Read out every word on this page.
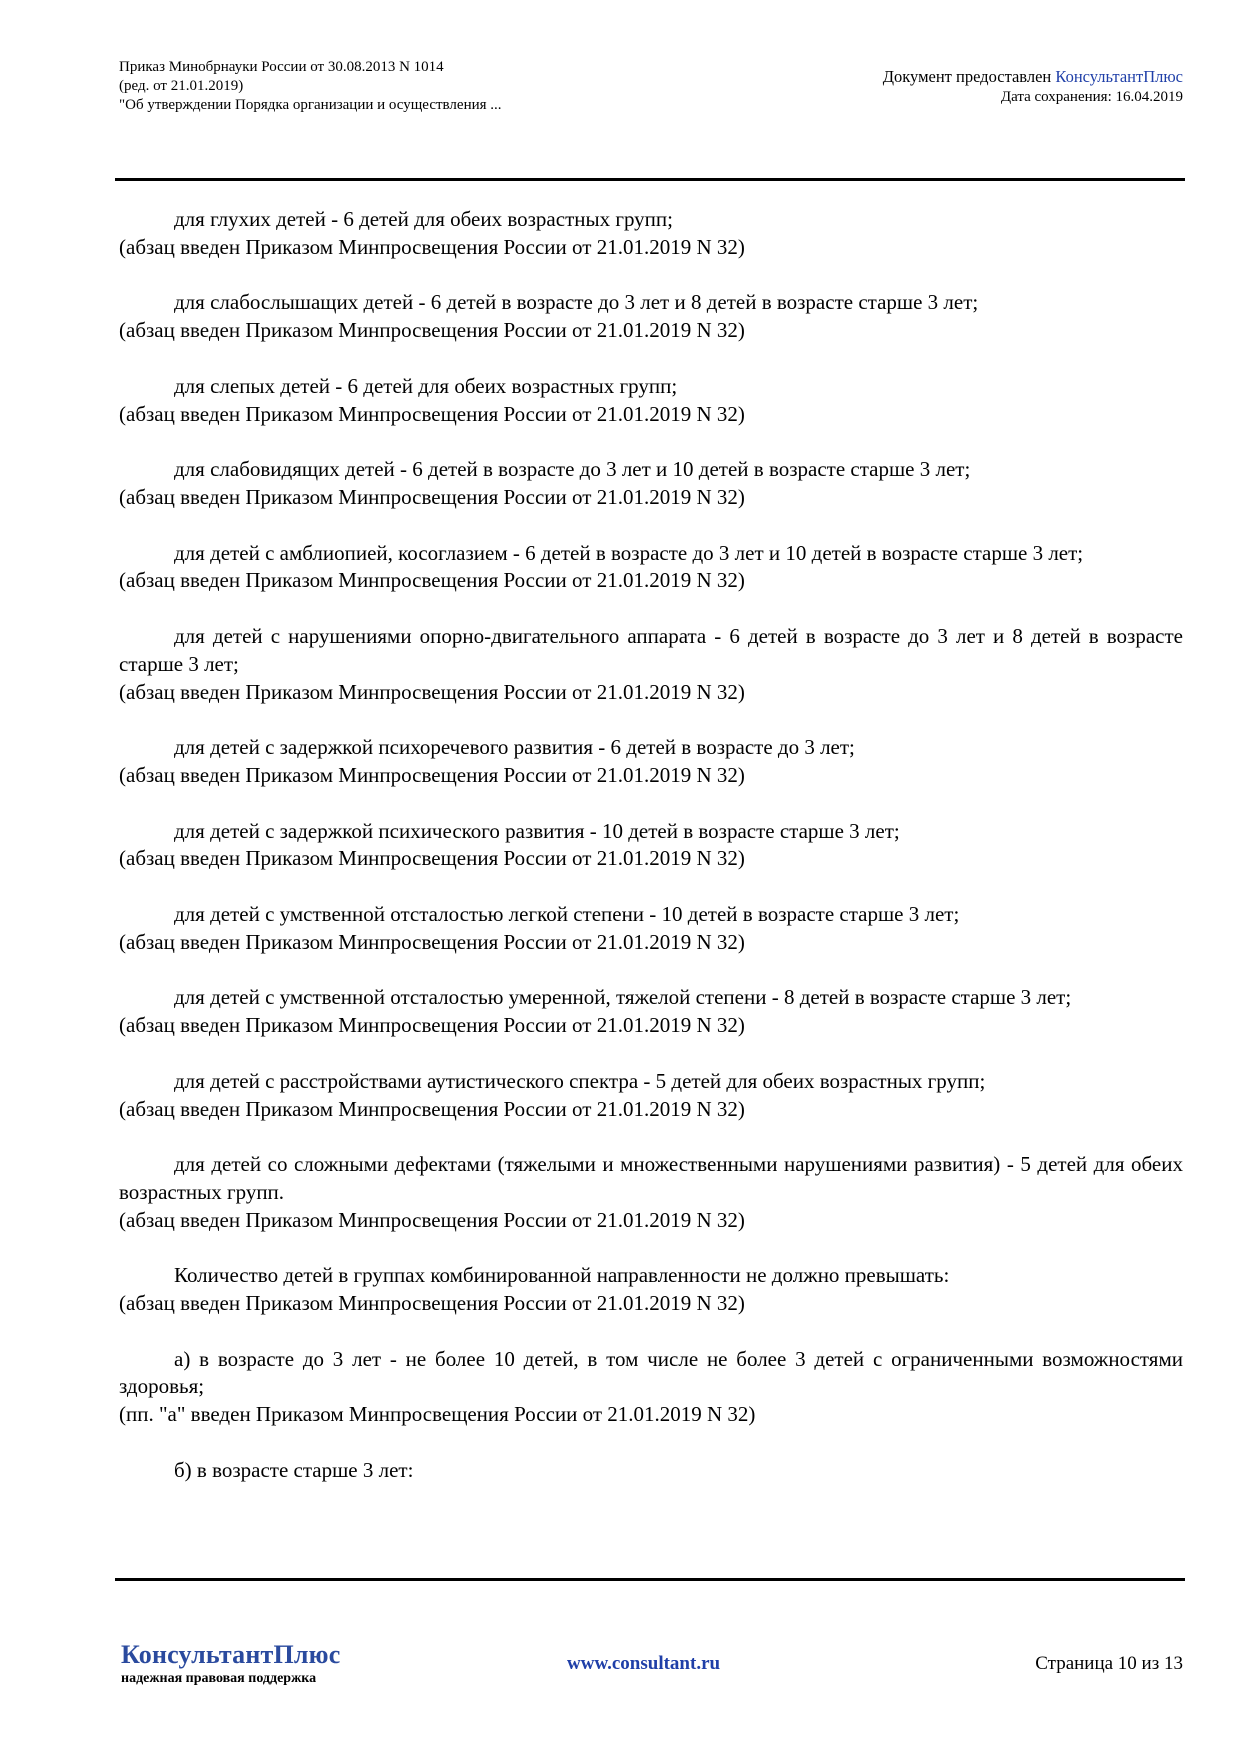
Приказ Минобрнауки России от 30.08.2013 N 1014
(ред. от 21.01.2019)
"Об утверждении Порядка организации и осуществления ...
Документ предоставлен КонсультантПлюс
Дата сохранения: 16.04.2019

для глухих детей - 6 детей для обеих возрастных групп;

(абзац введен Приказом Минпросвещения России от 21.01.2019 N 32)

для слабослышащих детей - 6 детей в возрасте до 3 лет и 8 детей в возрасте старше 3 лет;

(абзац введен Приказом Минпросвещения России от 21.01.2019 N 32)

для слепых детей - 6 детей для обеих возрастных групп;

(абзац введен Приказом Минпросвещения России от 21.01.2019 N 32)

для слабовидящих детей - 6 детей в возрасте до 3 лет и 10 детей в возрасте старше 3 лет;

(абзац введен Приказом Минпросвещения России от 21.01.2019 N 32)

для детей с амблиопией, косоглазием - 6 детей в возрасте до 3 лет и 10 детей в возрасте старше 3 лет;

(абзац введен Приказом Минпросвещения России от 21.01.2019 N 32)

для детей с нарушениями опорно-двигательного аппарата - 6 детей в возрасте до 3 лет и 8 детей в возрасте старше 3 лет;

(абзац введен Приказом Минпросвещения России от 21.01.2019 N 32)

для детей с задержкой психоречевого развития - 6 детей в возрасте до 3 лет;

(абзац введен Приказом Минпросвещения России от 21.01.2019 N 32)

для детей с задержкой психического развития - 10 детей в возрасте старше 3 лет;

(абзац введен Приказом Минпросвещения России от 21.01.2019 N 32)

для детей с умственной отсталостью легкой степени - 10 детей в возрасте старше 3 лет;

(абзац введен Приказом Минпросвещения России от 21.01.2019 N 32)

для детей с умственной отсталостью умеренной, тяжелой степени - 8 детей в возрасте старше 3 лет;

(абзац введен Приказом Минпросвещения России от 21.01.2019 N 32)

для детей с расстройствами аутистического спектра - 5 детей для обеих возрастных групп;

(абзац введен Приказом Минпросвещения России от 21.01.2019 N 32)

для детей со сложными дефектами (тяжелыми и множественными нарушениями развития) - 5 детей для обеих возрастных групп.

(абзац введен Приказом Минпросвещения России от 21.01.2019 N 32)

Количество детей в группах комбинированной направленности не должно превышать:

(абзац введен Приказом Минпросвещения России от 21.01.2019 N 32)

а) в возрасте до 3 лет - не более 10 детей, в том числе не более 3 детей с ограниченными возможностями здоровья;

(пп. "а" введен Приказом Минпросвещения России от 21.01.2019 N 32)

б) в возрасте старше 3 лет:

КонсультантПлюс
надежная правовая поддержка
www.consultant.ru	Страница 10 из 13
